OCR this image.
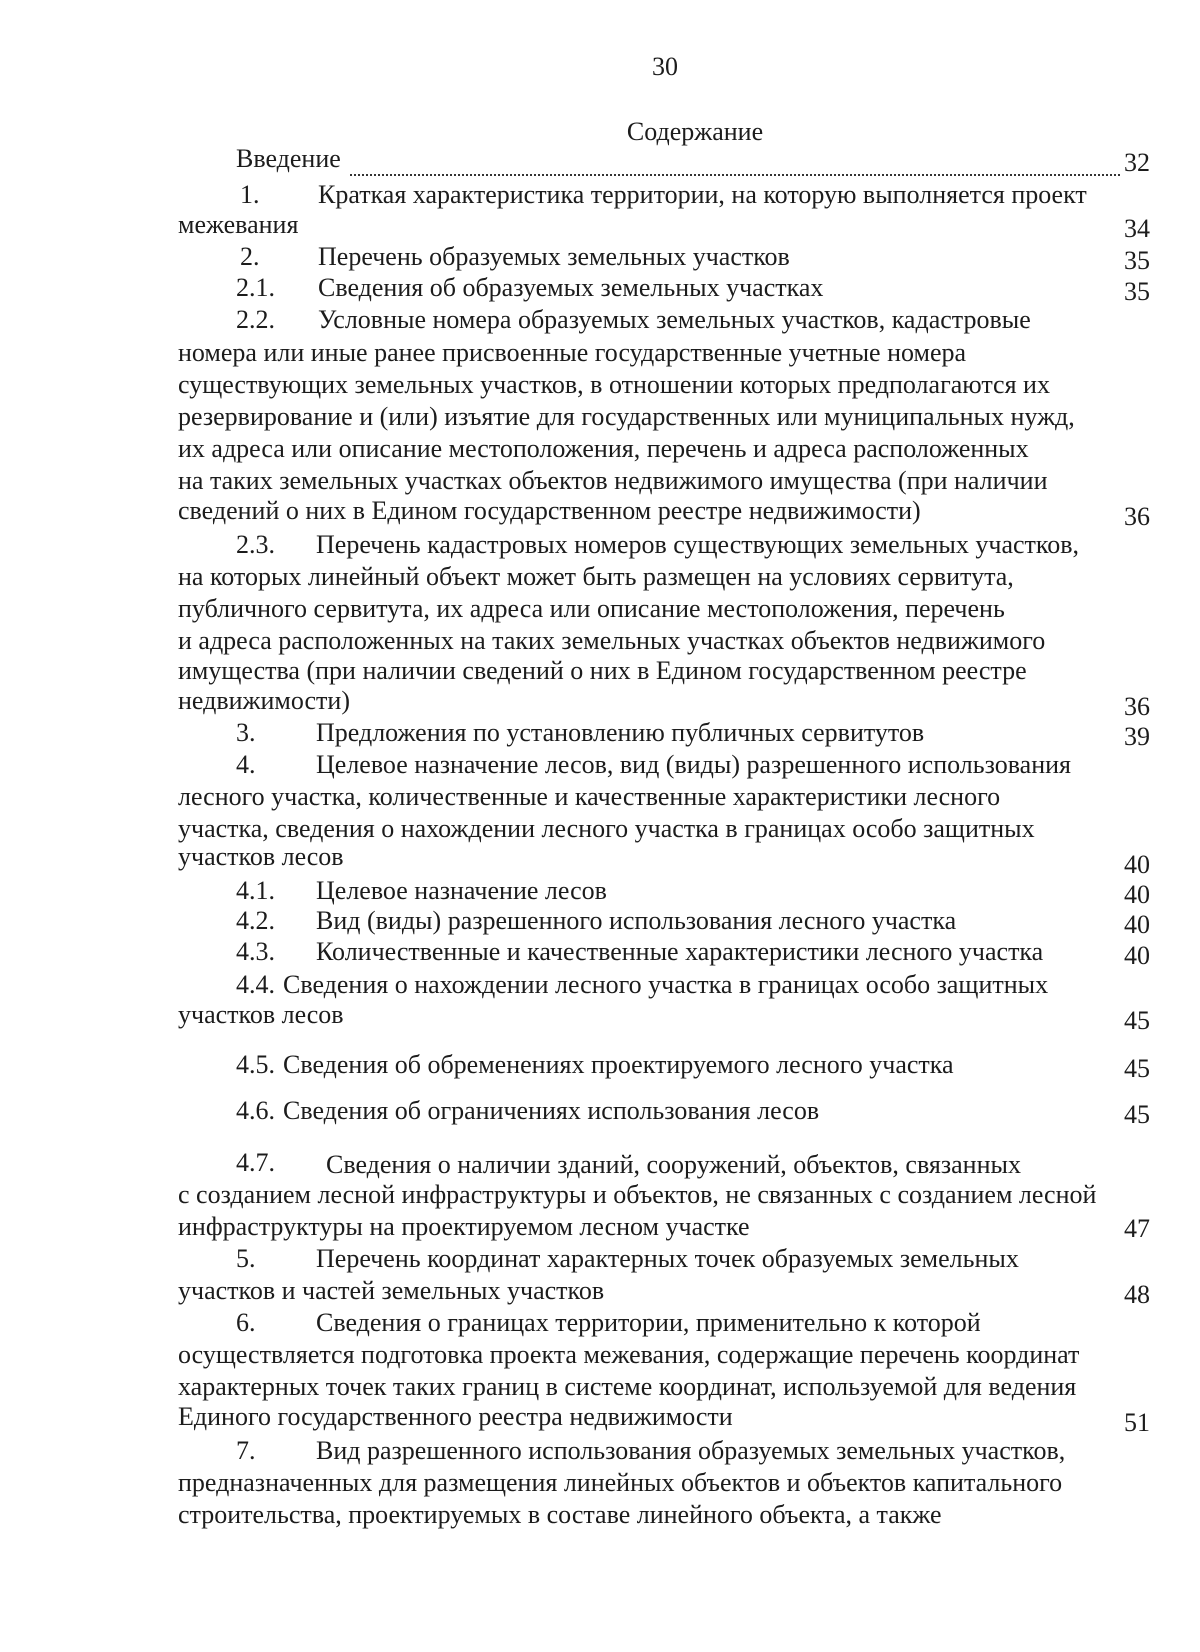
30
Содержание
Введение	32
1. Краткая характеристика территории, на которую выполняется проект
межевания	34
2. Перечень образуемых земельных участков	35
2.1. Сведения об образуемых земельных участках	35
2.2. Условные номера образуемых земельных участков, кадастровые
номера или иные ранее присвоенные государственные учетные номера
существующих земельных участков, в отношении которых предполагаются их
резервирование и (или) изъятие для государственных или муниципальных нужд,
их адреса или описание местоположения, перечень и адреса расположенных
на таких земельных участках объектов недвижимого имущества (при наличии
сведений о них в Едином государственном реестре недвижимости)	36
2.3. Перечень кадастровых номеров существующих земельных участков,
на которых линейный объект может быть размещен на условиях сервитута,
публичного сервитута, их адреса или описание местоположения, перечень
и адреса расположенных на таких земельных участках объектов недвижимого
имущества (при наличии сведений о них в Едином государственном реестре
недвижимости)	36
3. Предложения по установлению публичных сервитутов	39
4. Целевое назначение лесов, вид (виды) разрешенного использования
лесного участка, количественные и качественные характеристики лесного
участка, сведения о нахождении лесного участка в границах особо защитных
участков лесов	40
4.1. Целевое назначение лесов	40
4.2. Вид (виды) разрешенного использования лесного участка	40
4.3. Количественные и качественные характеристики лесного участка	40
4.4. Сведения о нахождении лесного участка в границах особо защитных
участков лесов	45
4.5. Сведения об обременениях проектируемого лесного участка	45
4.6. Сведения об ограничениях использования лесов	45
4.7. Сведения о наличии зданий, сооружений, объектов, связанных
с созданием лесной инфраструктуры и объектов, не связанных с созданием лесной
инфраструктуры на проектируемом лесном участке	47
5. Перечень координат характерных точек образуемых земельных
участков и частей земельных участков	48
6. Сведения о границах территории, применительно к которой
осуществляется подготовка проекта межевания, содержащие перечень координат
характерных точек таких границ в системе координат, используемой для ведения
Единого государственного реестра недвижимости	51
7. Вид разрешенного использования образуемых земельных участков,
предназначенных для размещения линейных объектов и объектов капитального
строительства, проектируемых в составе линейного объекта, а также
